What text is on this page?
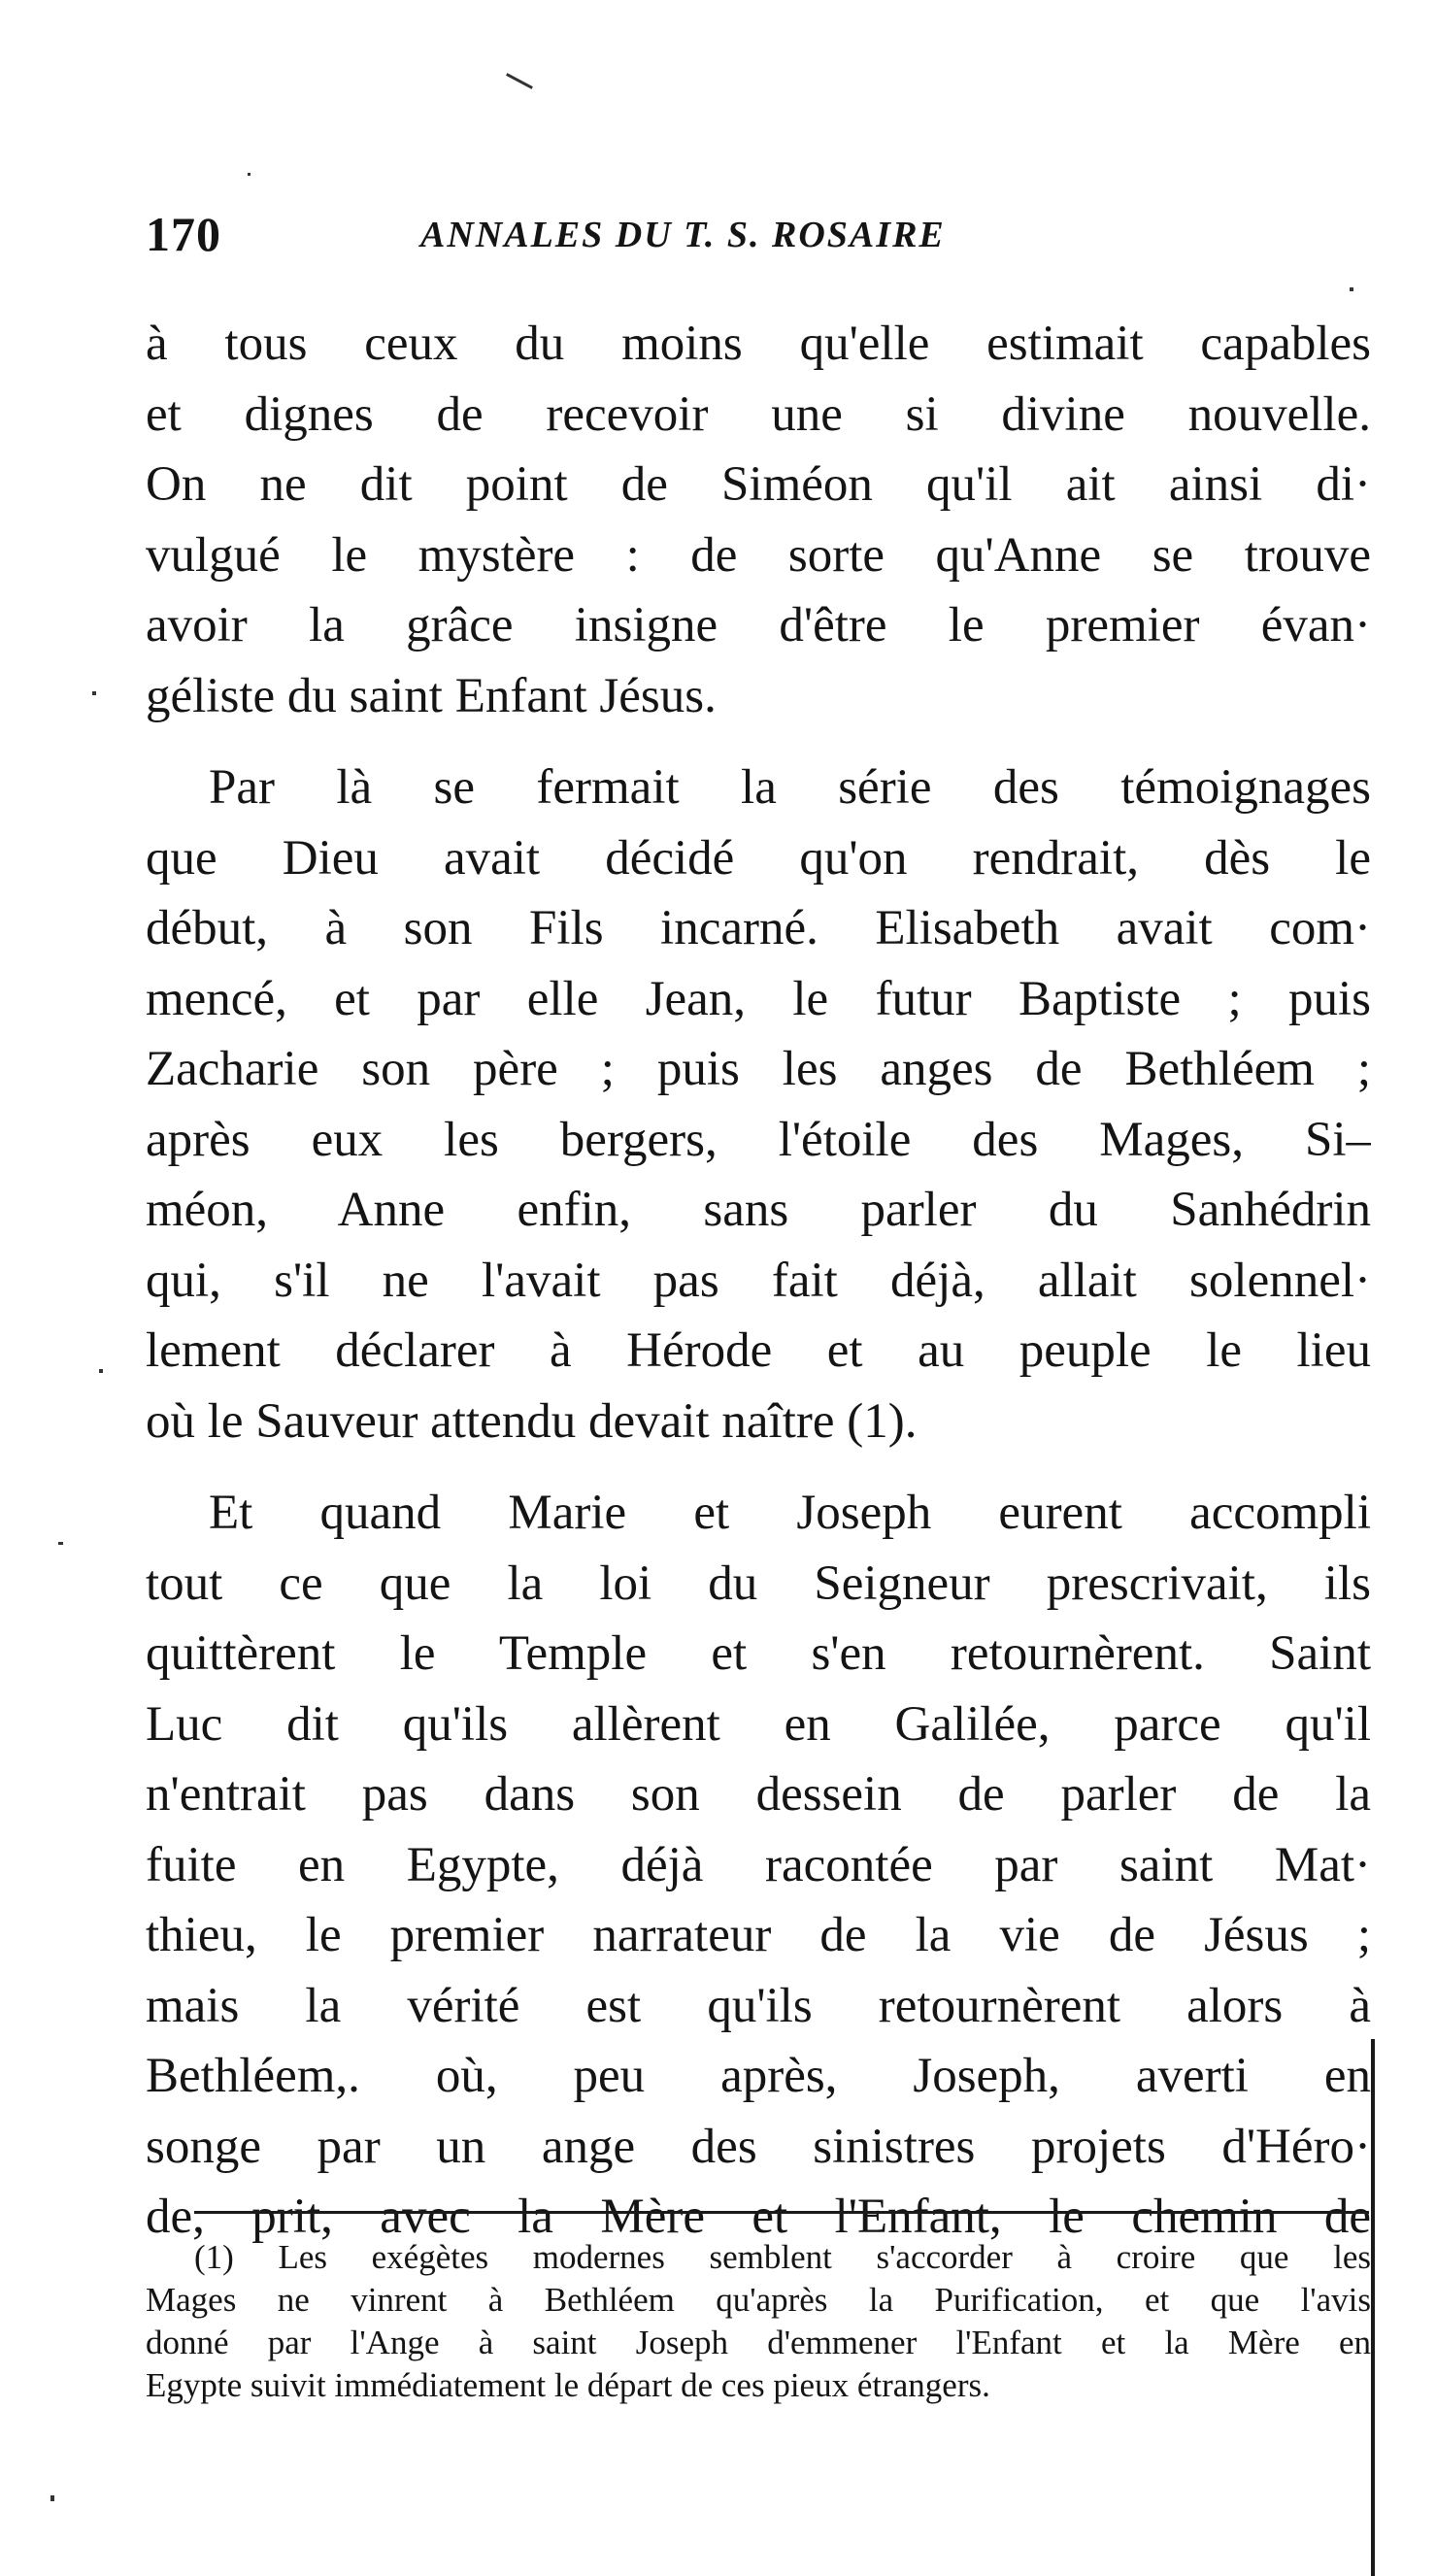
170	ANNALES DU T. S. ROSAIRE
à tous ceux du moins qu'elle estimait capables
et dignes de recevoir une si divine nouvelle.
On ne dit point de Siméon qu'il ait ainsi di·
vulgué le mystère : de sorte qu'Anne se trouve
avoir la grâce insigne d'être le premier évan·
géliste du saint Enfant Jésus.
Par là se fermait la série des témoignages
que Dieu avait décidé qu'on rendrait, dès le
début, à son Fils incarné. Elisabeth avait com·
mencé, et par elle Jean, le futur Baptiste ; puis
Zacharie son père ; puis les anges de Bethléem ;
après eux les bergers, l'étoile des Mages, Si–
méon, Anne enfin, sans parler du Sanhédrin
qui, s'il ne l'avait pas fait déjà, allait solennel·
lement déclarer à Hérode et au peuple le lieu
où le Sauveur attendu devait naître (1).
Et quand Marie et Joseph eurent accompli
tout ce que la loi du Seigneur prescrivait, ils
quittèrent le Temple et s'en retournèrent. Saint
Luc dit qu'ils allèrent en Galilée, parce qu'il
n'entrait pas dans son dessein de parler de la
fuite en Egypte, déjà racontée par saint Mat·
thieu, le premier narrateur de la vie de Jésus ;
mais la vérité est qu'ils retournèrent alors à
Bethléem,. où, peu après, Joseph, averti en
songe par un ange des sinistres projets d'Héro·
de, prit, avec la Mère et l'Enfant, le chemin de
(1) Les exégètes modernes semblent s'accorder à croire que les
Mages ne vinrent à Bethléem qu'après la Purification, et que l'avis
donné par l'Ange à saint Joseph d'emmener l'Enfant et la Mère en
Egypte suivit immédiatement le départ de ces pieux étrangers.
